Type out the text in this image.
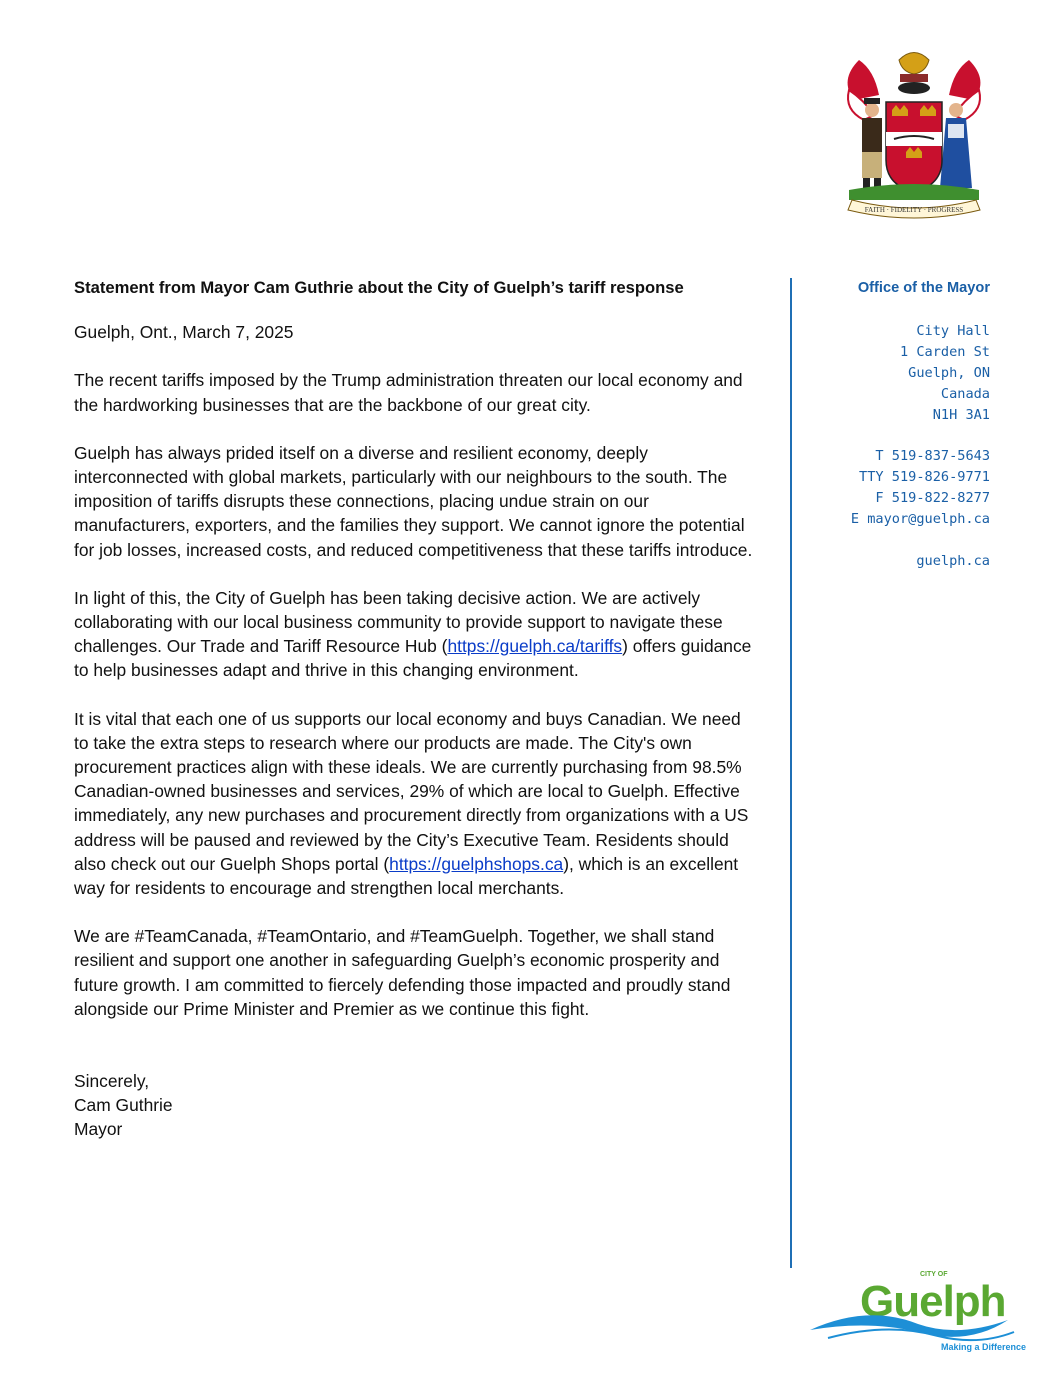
FAITH · FIDELITY · PROGRESS
Statement from Mayor Cam Guthrie about the City of Guelph’s tariff response
Guelph, Ont., March 7, 2025
The recent tariffs imposed by the Trump administration threaten our local economy and the hardworking businesses that are the backbone of our great city.
Guelph has always prided itself on a diverse and resilient economy, deeply interconnected with global markets, particularly with our neighbours to the south. The imposition of tariffs disrupts these connections, placing undue strain on our manufacturers, exporters, and the families they support. We cannot ignore the potential for job losses, increased costs, and reduced competitiveness that these tariffs introduce.
In light of this, the City of Guelph has been taking decisive action. We are actively collaborating with our local business community to provide support to navigate these challenges. Our Trade and Tariff Resource Hub (https://guelph.ca/tariffs) offers guidance to help businesses adapt and thrive in this changing environment.
It is vital that each one of us supports our local economy and buys Canadian. We need to take the extra steps to research where our products are made. The City's own procurement practices align with these ideals. We are currently purchasing from 98.5% Canadian-owned businesses and services, 29% of which are local to Guelph. Effective immediately, any new purchases and procurement directly from organizations with a US address will be paused and reviewed by the City’s Executive Team. Residents should also check out our Guelph Shops portal (https://guelphshops.ca), which is an excellent way for residents to encourage and strengthen local merchants.
We are #TeamCanada, #TeamOntario, and #TeamGuelph. Together, we shall stand resilient and support one another in safeguarding Guelph’s economic prosperity and future growth. I am committed to fiercely defending those impacted and proudly stand alongside our Prime Minister and Premier as we continue this fight.
Sincerely,
Cam Guthrie
Mayor
Office of the Mayor
City Hall
1 Carden St
Guelph, ON
Canada
N1H 3A1
T 519-837-5643
TTY 519-826-9771
F 519-822-8277
E mayor@guelph.ca
guelph.ca
CITY OF
Guelph
Making a Difference
